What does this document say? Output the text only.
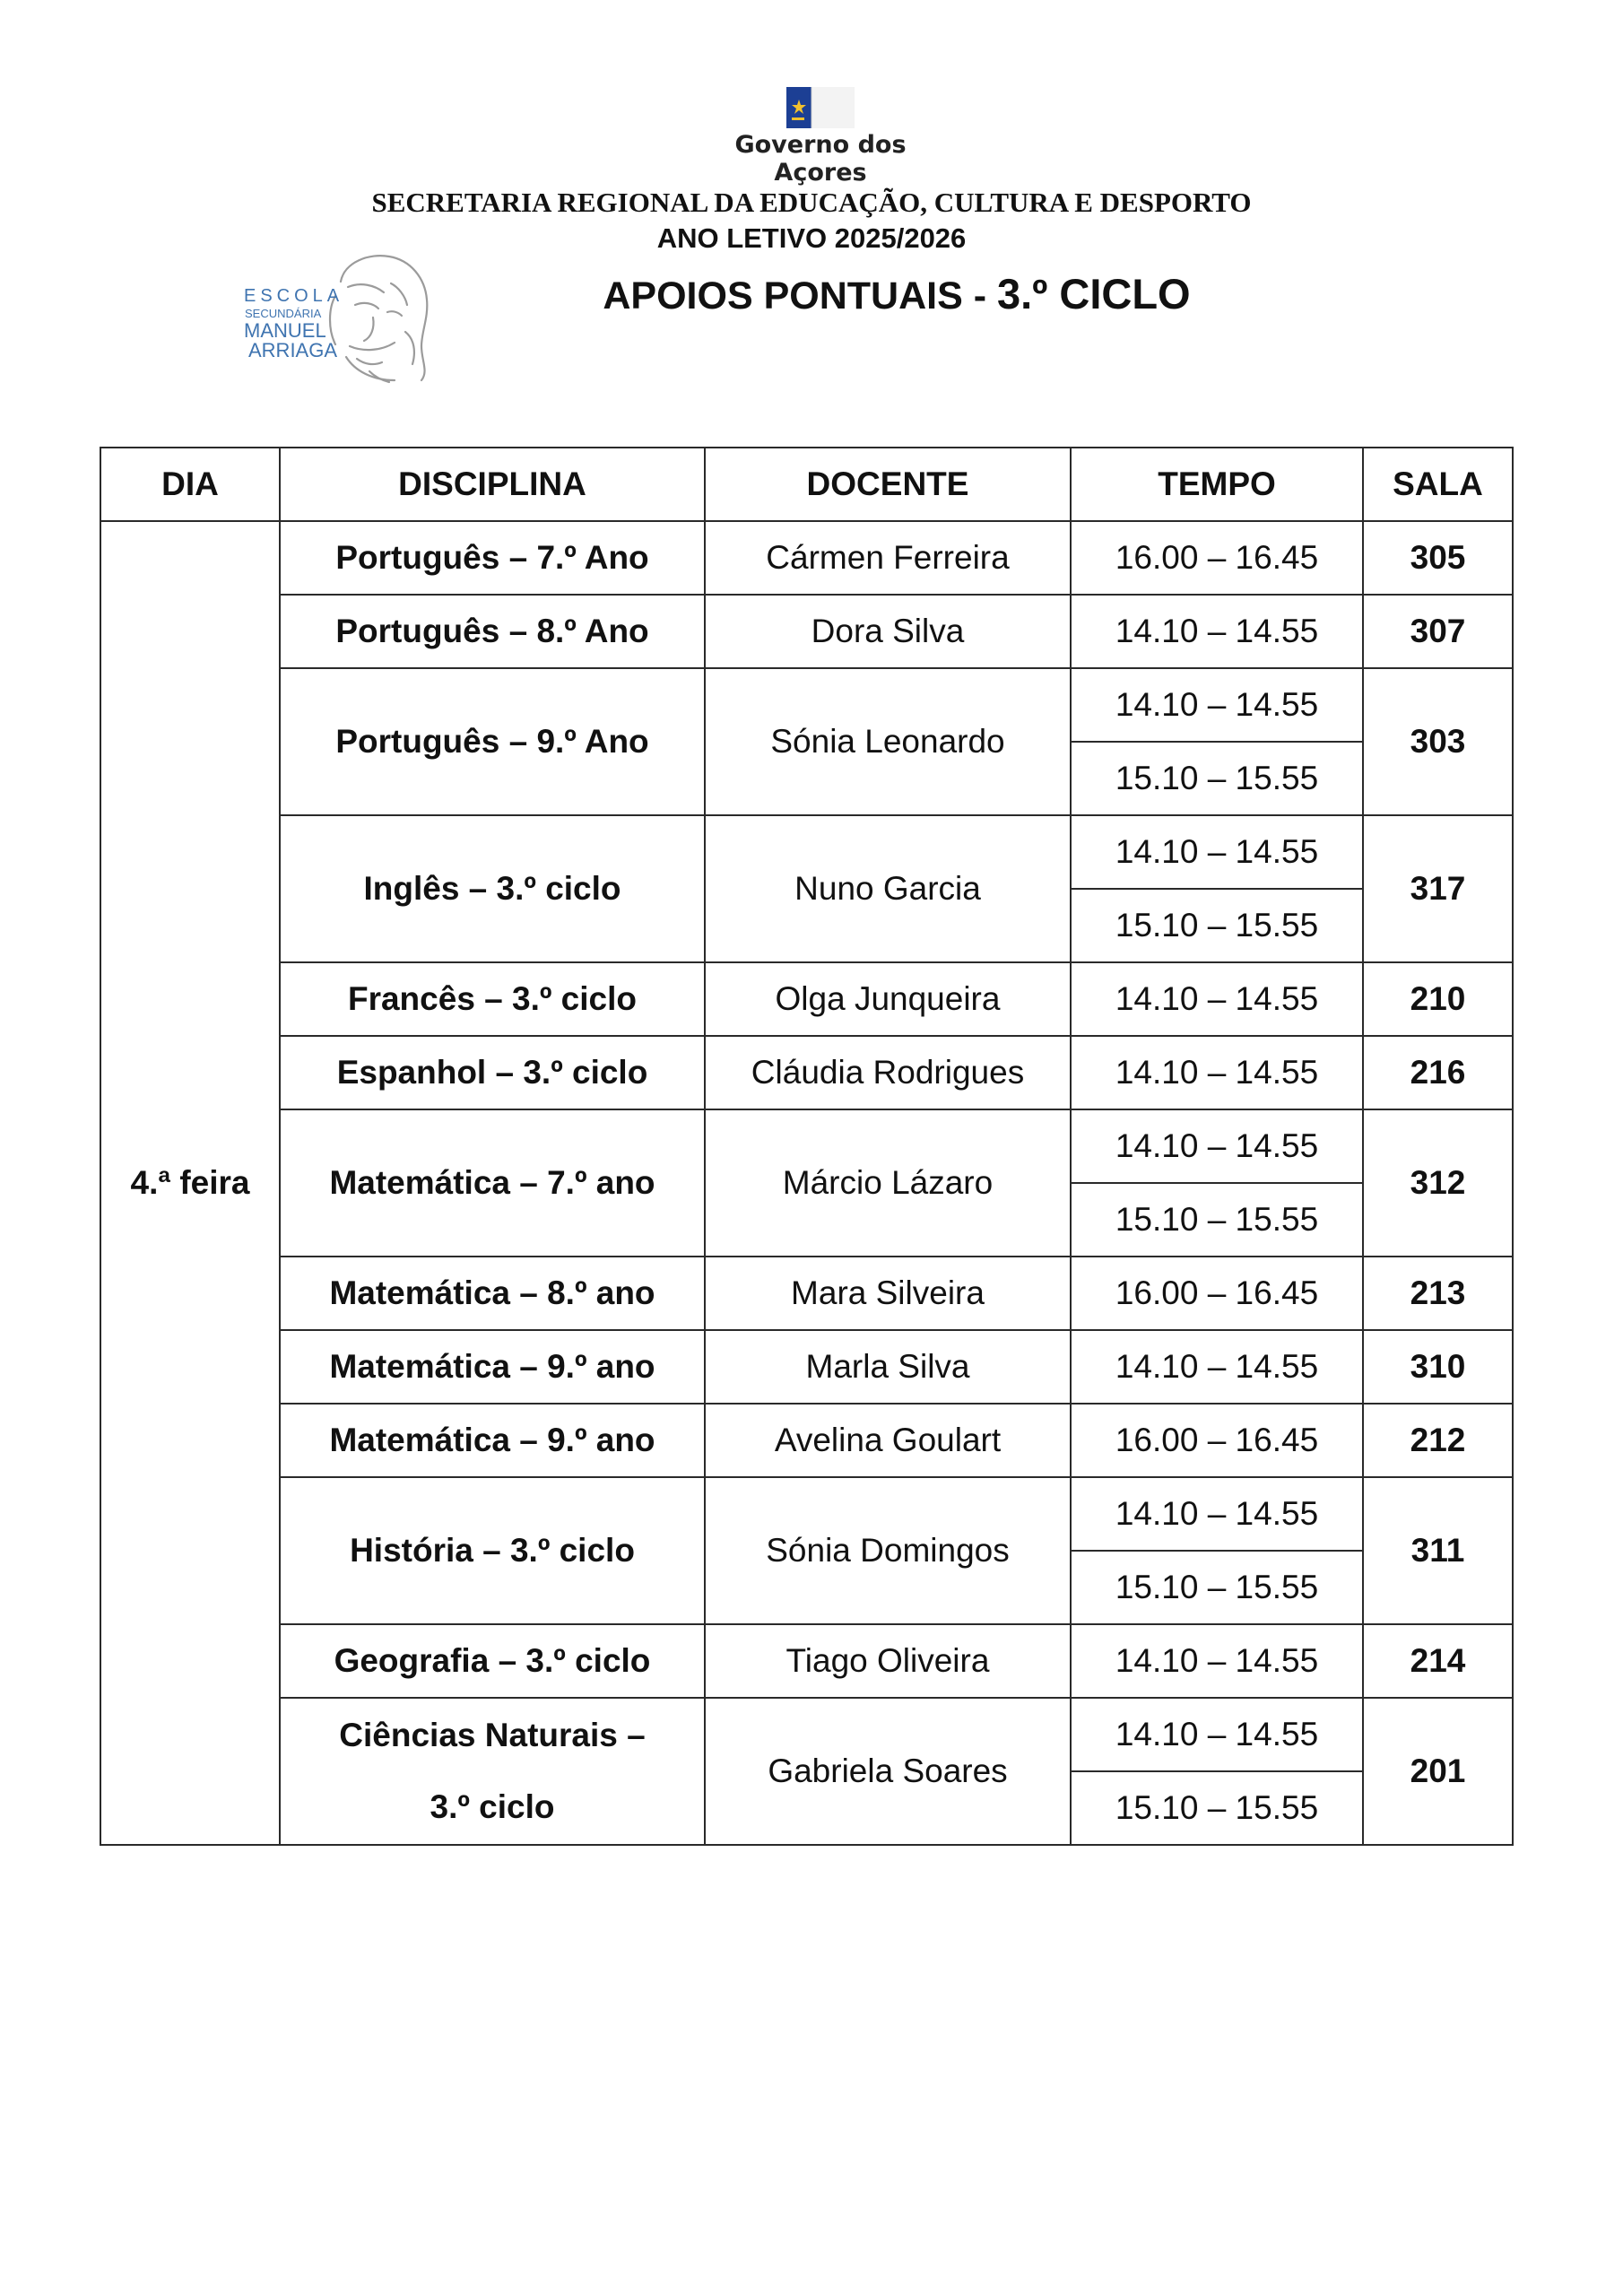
Governo dos Açores
SECRETARIA REGIONAL DA EDUCAÇÃO, CULTURA E DESPORTO
ANO LETIVO 2025/2026
ESCOLA
SECUNDÁRIA
MANUEL
ARRIAGA
APOIOS PONTUAIS - 3.º CICLO
DIA	DISCIPLINA	DOCENTE	TEMPO	SALA
4.ª feira	Português – 7.º Ano	Cármen Ferreira	16.00 – 16.45	305
	Português – 8.º Ano	Dora Silva	14.10 – 14.55	307
	Português – 9.º Ano	Sónia Leonardo	14.10 – 14.55	303
			15.10 – 15.55	
	Inglês – 3.º ciclo	Nuno Garcia	14.10 – 14.55	317
			15.10 – 15.55	
	Francês – 3.º ciclo	Olga Junqueira	14.10 – 14.55	210
	Espanhol – 3.º ciclo	Cláudia Rodrigues	14.10 – 14.55	216
	Matemática – 7.º ano	Márcio Lázaro	14.10 – 14.55	312
			15.10 – 15.55	
	Matemática – 8.º ano	Mara Silveira	16.00 – 16.45	213
	Matemática – 9.º ano	Marla Silva	14.10 – 14.55	310
	Matemática – 9.º ano	Avelina Goulart	16.00 – 16.45	212
	História – 3.º ciclo	Sónia Domingos	14.10 – 14.55	311
			15.10 – 15.55	
	Geografia – 3.º ciclo	Tiago Oliveira	14.10 – 14.55	214
	Ciências Naturais –
3.º ciclo	Gabriela Soares	14.10 – 14.55	201
			15.10 – 15.55	
